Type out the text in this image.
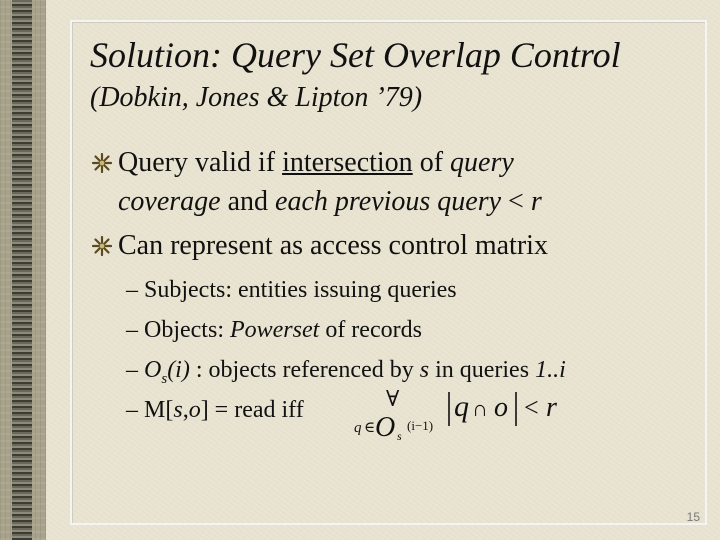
Solution: Query Set Overlap Control
(Dobkin, Jones & Lipton ’79)
Query valid if intersection of query
coverage and each previous query < r
Can represent as access control matrix
– Subjects: entities issuing queries
– Objects: Powerset of records
– $O_s(i)$ : objects referenced by s in queries 1..i
– M[s,o] = read iff	∀
q ∈ O s
(i−1)
q ∩ o < r
15
